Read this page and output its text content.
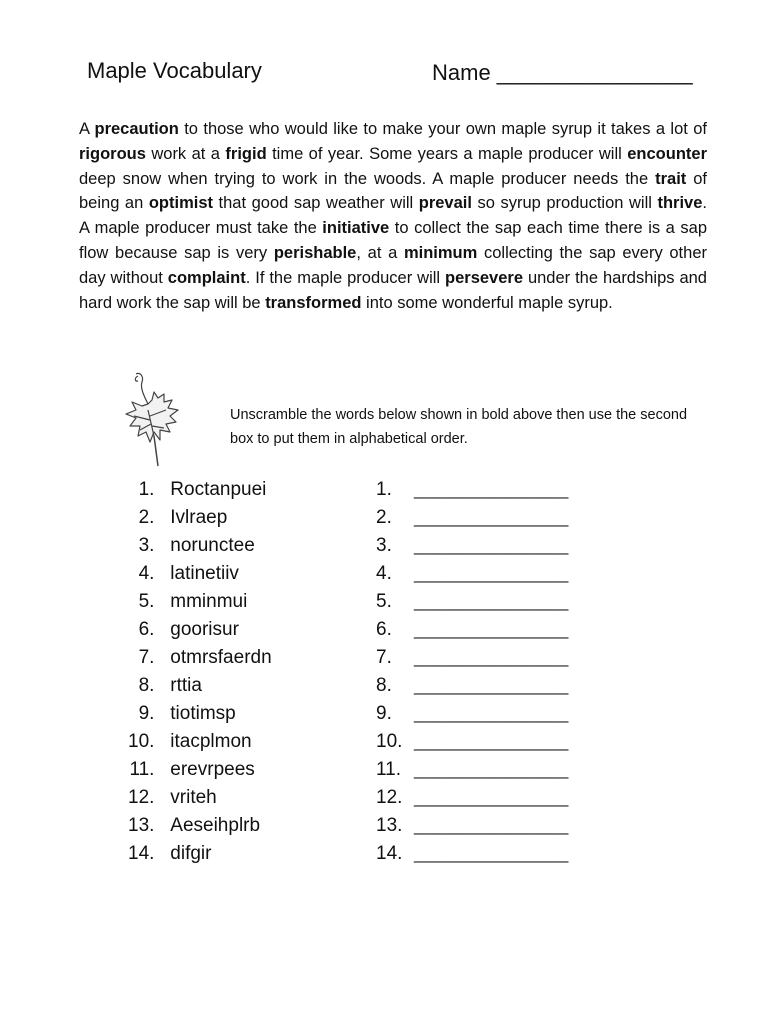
Maple Vocabulary	Name ________________

A precaution to those who would like to make your own maple syrup it takes a lot of rigorous work at a frigid time of year. Some years a maple producer will encounter deep snow when trying to work in the woods. A maple producer needs the trait of being an optimist that good sap weather will prevail so syrup production will thrive. A maple producer must take the initiative to collect the sap each time there is a sap flow because sap is very perishable, at a minimum collecting the sap every other day without complaint. If the maple producer will persevere under the hardships and hard work the sap will be transformed into some wonderful maple syrup.

Unscramble the words below shown in bold above then use the second box to put them in alphabetical order.

1.   Roctanpuei
2.   Ivlraep
3.   norunctee
4.   latinetiiv
5.   mminmui
6.   goorisur
7.   otmrsfaerdn
8.   rttia
9.   tiotimsp
10.   itacplmon
11.   erevrpees
12.   vriteh
13.   Aeseihplrb
14.   difgir
1. ________________
2. ________________
3. ________________
4. ________________
5. ________________
6. ________________
7. ________________
8. ________________
9. ________________
10. ________________
11. ________________
12. ________________
13. ________________
14. ________________
